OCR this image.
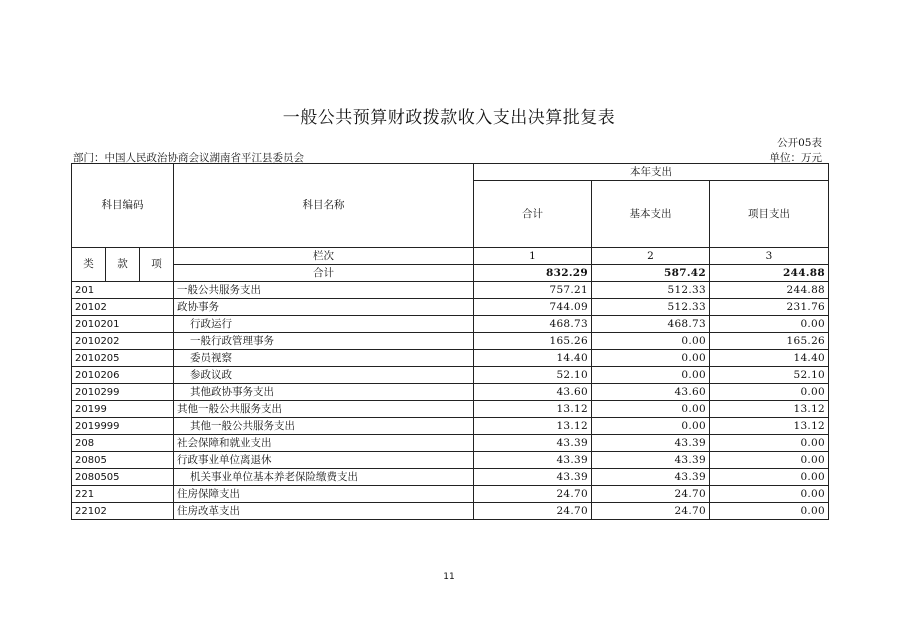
一般公共预算财政拨款收入支出决算批复表
公开05表
部门：中国人民政治协商会议湖南省平江县委员会	单位：万元
科目编码			科目名称	本年支出		
				合计	基本支出	项目支出
类	款	项	栏次	1	2	3
			合计	832.29	587.42	244.88
201			一般公共服务支出	757.21	512.33	244.88
20102			政协事务	744.09	512.33	231.76
2010201			行政运行	468.73	468.73	0.00
2010202			一般行政管理事务	165.26	0.00	165.26
2010205			委员视察	14.40	0.00	14.40
2010206			参政议政	52.10	0.00	52.10
2010299			其他政协事务支出	43.60	43.60	0.00
20199			其他一般公共服务支出	13.12	0.00	13.12
2019999			其他一般公共服务支出	13.12	0.00	13.12
208			社会保障和就业支出	43.39	43.39	0.00
20805			行政事业单位离退休	43.39	43.39	0.00
2080505			机关事业单位基本养老保险缴费支出	43.39	43.39	0.00
221			住房保障支出	24.70	24.70	0.00
22102			住房改革支出	24.70	24.70	0.00
11
